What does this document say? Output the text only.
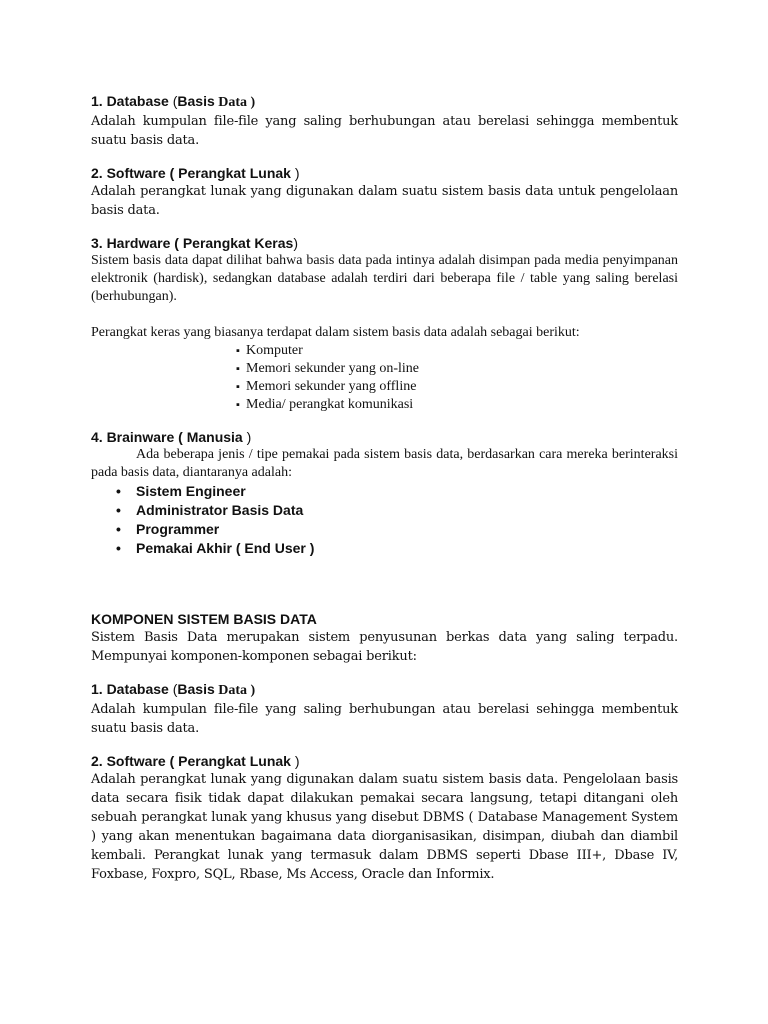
1. Database (Basis Data )

Adalah kumpulan file-file yang saling berhubungan atau berelasi sehingga membentuk suatu basis data.

2. Software ( Perangkat Lunak )

Adalah perangkat lunak yang digunakan dalam suatu sistem basis data untuk pengelolaan basis data.

3. Hardware ( Perangkat Keras)

Sistem basis data dapat dilihat bahwa basis data pada intinya adalah disimpan pada media penyimpanan elektronik (hardisk), sedangkan database adalah terdiri dari beberapa file / table yang saling berelasi (berhubungan).

Perangkat keras yang biasanya terdapat dalam sistem basis data adalah sebagai berikut:

▪ Komputer
▪ Memori sekunder yang on-line
▪ Memori sekunder yang offline
▪ Media/ perangkat komunikasi

4. Brainware ( Manusia )

Ada beberapa jenis / tipe pemakai pada sistem basis data, berdasarkan cara mereka berinteraksi pada basis data, diantaranya adalah:

• Sistem Engineer
• Administrator Basis Data
• Programmer
• Pemakai Akhir ( End User )

KOMPONEN SISTEM BASIS DATA

Sistem Basis Data merupakan sistem penyusunan berkas data yang saling terpadu. Mempunyai komponen-komponen sebagai berikut:

1. Database (Basis Data )

Adalah kumpulan file-file yang saling berhubungan atau berelasi sehingga membentuk suatu basis data.

2. Software ( Perangkat Lunak )

Adalah perangkat lunak yang digunakan dalam suatu sistem basis data. Pengelolaan basis data secara fisik tidak dapat dilakukan pemakai secara langsung, tetapi ditangani oleh sebuah perangkat lunak yang khusus yang disebut DBMS ( Database Management System ) yang akan menentukan bagaimana data diorganisasikan, disimpan, diubah dan diambil kembali. Perangkat lunak yang termasuk dalam DBMS seperti Dbase III+, Dbase IV, Foxbase, Foxpro, SQL, Rbase, Ms Access, Oracle dan Informix.
